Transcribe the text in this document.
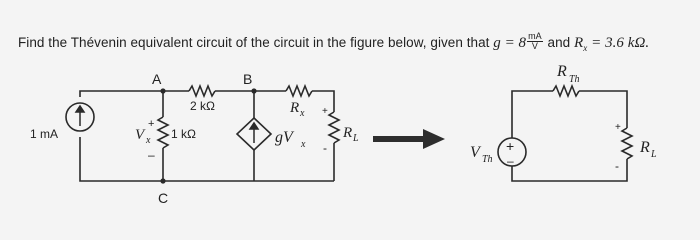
Find the Thévenin equivalent circuit of the circuit in the figure below, given that $g = 8 \frac{mA}{V}$ and $R_x = 3.6$ kΩ.
A	B
C
1 mA
2 kΩ
1 kΩ
+
V x
–
gV x
R x +
-
R L	+
–
V Th
R Th
+
-
R L
